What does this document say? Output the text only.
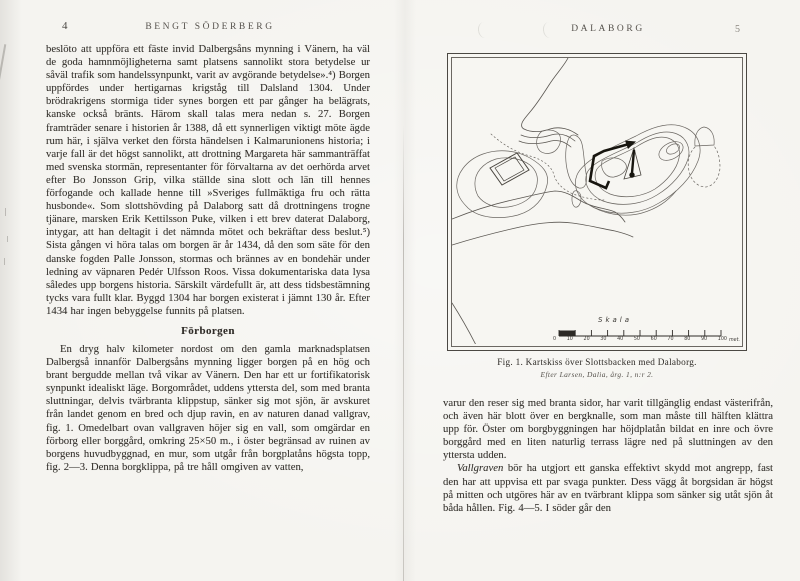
4	BENGT SÖDERBERG

beslöto att uppföra ett fäste invid Dalbergsåns mynning i Vänern, ha väl de goda hamnmöjligheterna samt platsens sannolikt stora betydelse ur såväl trafik som handelssynpunkt, varit av avgörande betydelse».⁴) Borgen uppfördes under hertigarnas krigståg till Dalsland 1304. Under brödrakrigens stormiga tider synes borgen ett par gånger ha belägrats, kanske också bränts. Härom skall talas mera nedan s. 27. Borgen framträder senare i historien år 1388, då ett synnerligen viktigt möte ägde rum här, i själva verket den första händelsen i Kalmarunionens historia; i varje fall är det högst sannolikt, att drottning Margareta här sammanträffat med svenska stormän, representanter för förvaltarna av det oerhörda arvet efter Bo Jonsson Grip, vilka ställde sina slott och län till hennes förfogande och kallade henne till »Sveriges fullmäktiga fru och rätta husbonde«. Som slottshövding på Dalaborg satt då drottningens trogne tjänare, marsken Erik Kettilsson Puke, vilken i ett brev daterat Dalaborg, intygar, att han deltagit i det nämnda mötet och bekräftar dess beslut.⁵) Sista gången vi höra talas om borgen är år 1434, då den som säte för den danske fogden Palle Jonsson, stormas och brännes av en bondehär under ledning av väpnaren Pedér Ulfsson Roos. Vissa dokumentariska data lysa således upp borgens historia. Särskilt värdefullt är, att dess tidsbestämning tycks vara fullt klar. Byggd 1304 har borgen existerat i jämnt 130 år. Efter 1434 har ingen bebyggelse funnits på platsen.

Förborgen

En dryg halv kilometer nordost om den gamla marknadsplatsen Dalbergså innanför Dalbergsåns mynning ligger borgen på en hög och brant bergudde mellan två vikar av Vänern. Den har ett ur fortifikatorisk synpunkt idealiskt läge. Borgområdet, uddens yttersta del, som med branta sluttningar, delvis tvärbranta klippstup, sänker sig mot sjön, är avskuret från landet genom en bred och djup ravin, en av naturen danad vallgrav, fig. 1. Omedelbart ovan vallgraven höjer sig en vall, som omgärdar en förborg eller borggård, omkring 25×50 m., i öster begränsad av ruinen av borgens huvudbyggnad, en mur, som utgår från borgplatåns högsta topp, fig. 2—3. Denna borgklippa, på tre håll omgiven av vatten,

DALABORG	5
Skala
0 10 20 30 40 50 60 70 80 90 100 met.
Fig. 1. Kartskiss över Slottsbacken med Dalaborg.
Efter Larsen, Dalia, årg. 1, n:r 2.

varur den reser sig med branta sidor, har varit tillgänglig endast västerifrån, och även här blott över en bergknalle, som man måste till hälften klättra upp för. Öster om borgbyggningen har höjdplatån bildat en inre och övre borggård med en liten naturlig terrass lägre ned på sluttningen av den yttersta udden.

Vallgraven bör ha utgjort ett ganska effektivt skydd mot angrepp, fast den har att uppvisa ett par svaga punkter. Dess vägg åt borgsidan är högst på mitten och utgöres här av en tvärbrant klippa som sänker sig utåt sjön åt båda hållen. Fig. 4—5. I söder går den
